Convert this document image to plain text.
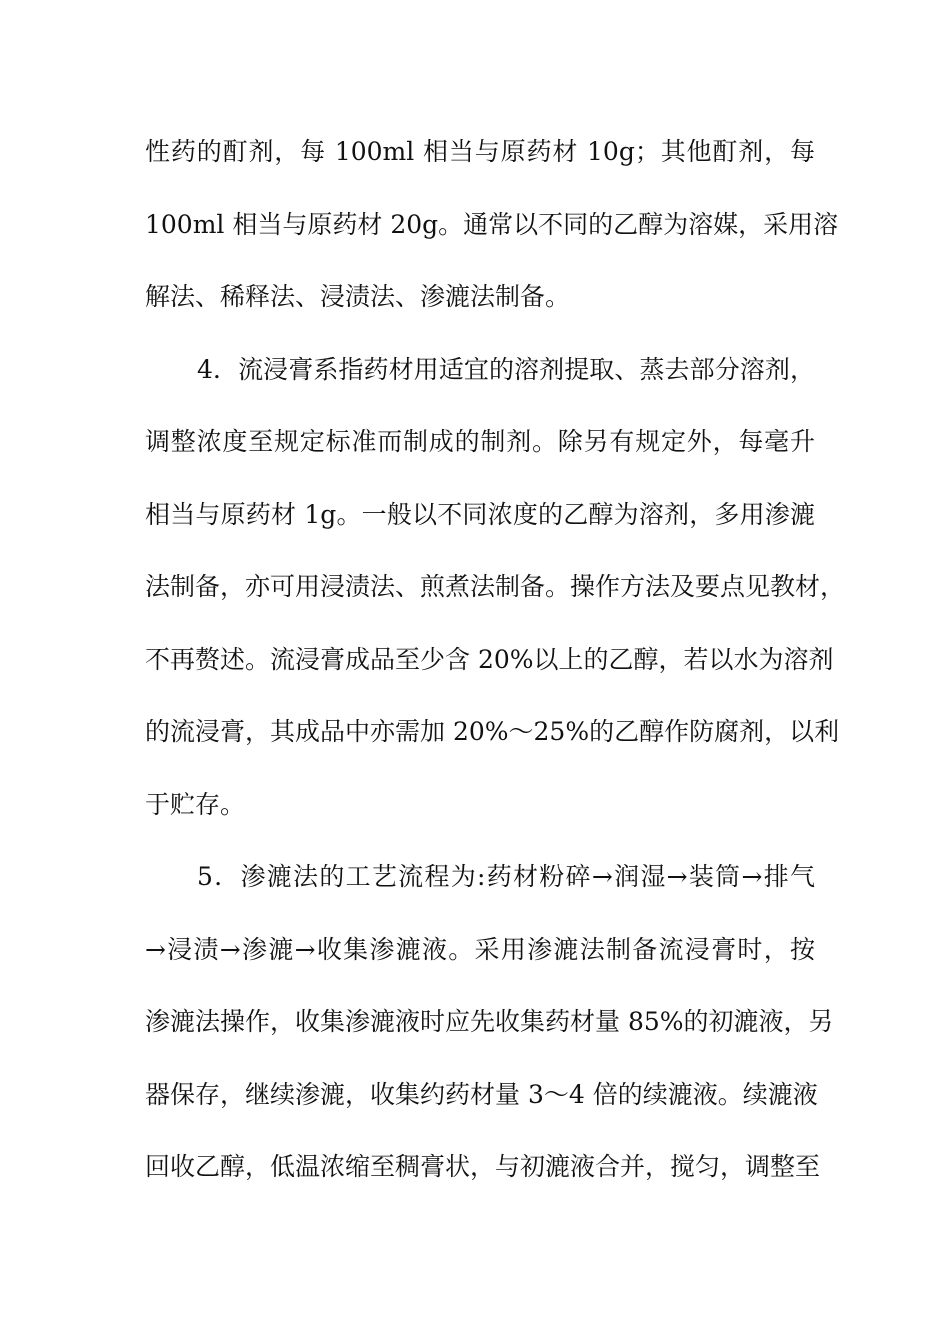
性药的酊剂，每 100ml 相当与原药材 10g；其他酊剂，每
100ml 相当与原药材 20g。通常以不同的乙醇为溶媒，采用溶
解法、稀释法、浸渍法、渗漉法制备。
4．流浸膏系指药材用适宜的溶剂提取、蒸去部分溶剂，
调整浓度至规定标准而制成的制剂。除另有规定外，每毫升
相当与原药材 1g。一般以不同浓度的乙醇为溶剂，多用渗漉
法制备，亦可用浸渍法、煎煮法制备。操作方法及要点见教材，
不再赘述。流浸膏成品至少含 20%以上的乙醇，若以水为溶剂
的流浸膏，其成品中亦需加 20%～25%的乙醇作防腐剂，以利
于贮存。
5．渗漉法的工艺流程为:药材粉碎→润湿→装筒→排气
→浸渍→渗漉→收集渗漉液。采用渗漉法制备流浸膏时，按
渗漉法操作，收集渗漉液时应先收集药材量 85%的初漉液，另
器保存，继续渗漉，收集约药材量 3～4 倍的续漉液。续漉液
回收乙醇，低温浓缩至稠膏状，与初漉液合并，搅匀，调整至
